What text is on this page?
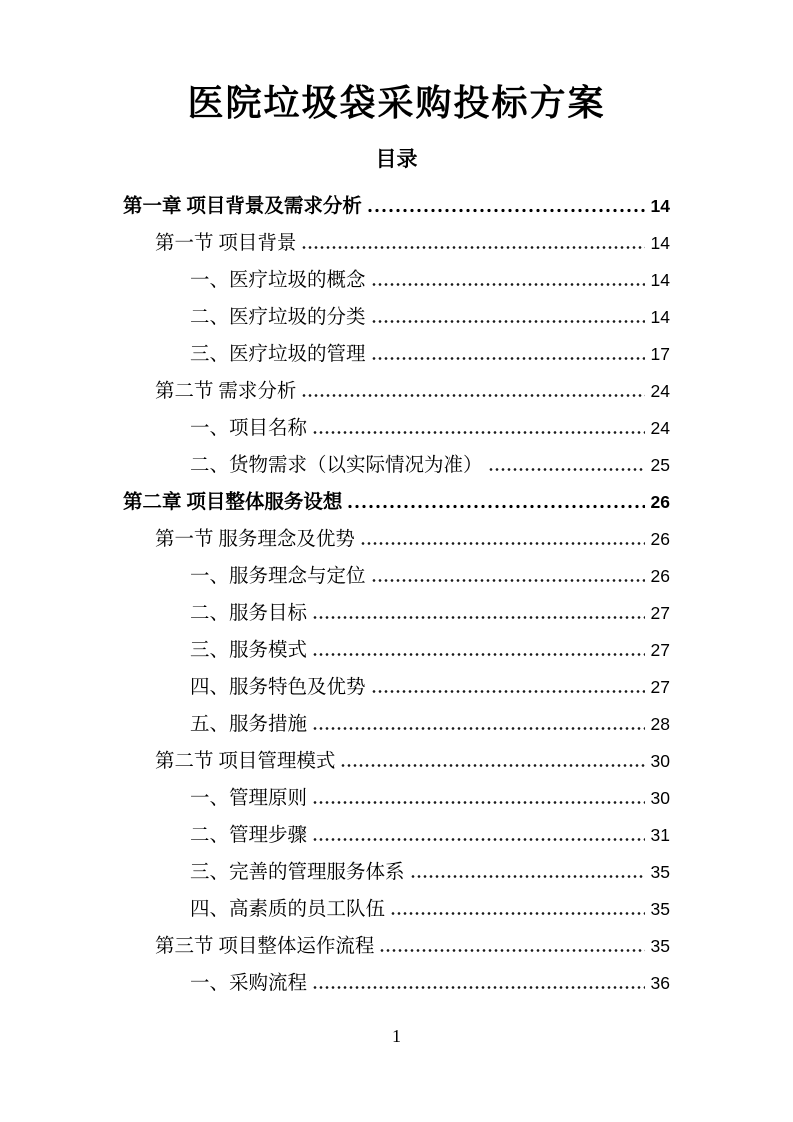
医院垃圾袋采购投标方案
目录
第一章 项目背景及需求分析	14
第一节 项目背景	14
一、医疗垃圾的概念	14
二、医疗垃圾的分类	14
三、医疗垃圾的管理	17
第二节 需求分析	24
一、项目名称	24
二、货物需求（以实际情况为准）	25
第二章 项目整体服务设想	26
第一节 服务理念及优势	26
一、服务理念与定位	26
二、服务目标	27
三、服务模式	27
四、服务特色及优势	27
五、服务措施	28
第二节 项目管理模式	30
一、管理原则	30
二、管理步骤	31
三、完善的管理服务体系	35
四、高素质的员工队伍	35
第三节 项目整体运作流程	35
一、采购流程	36
1
